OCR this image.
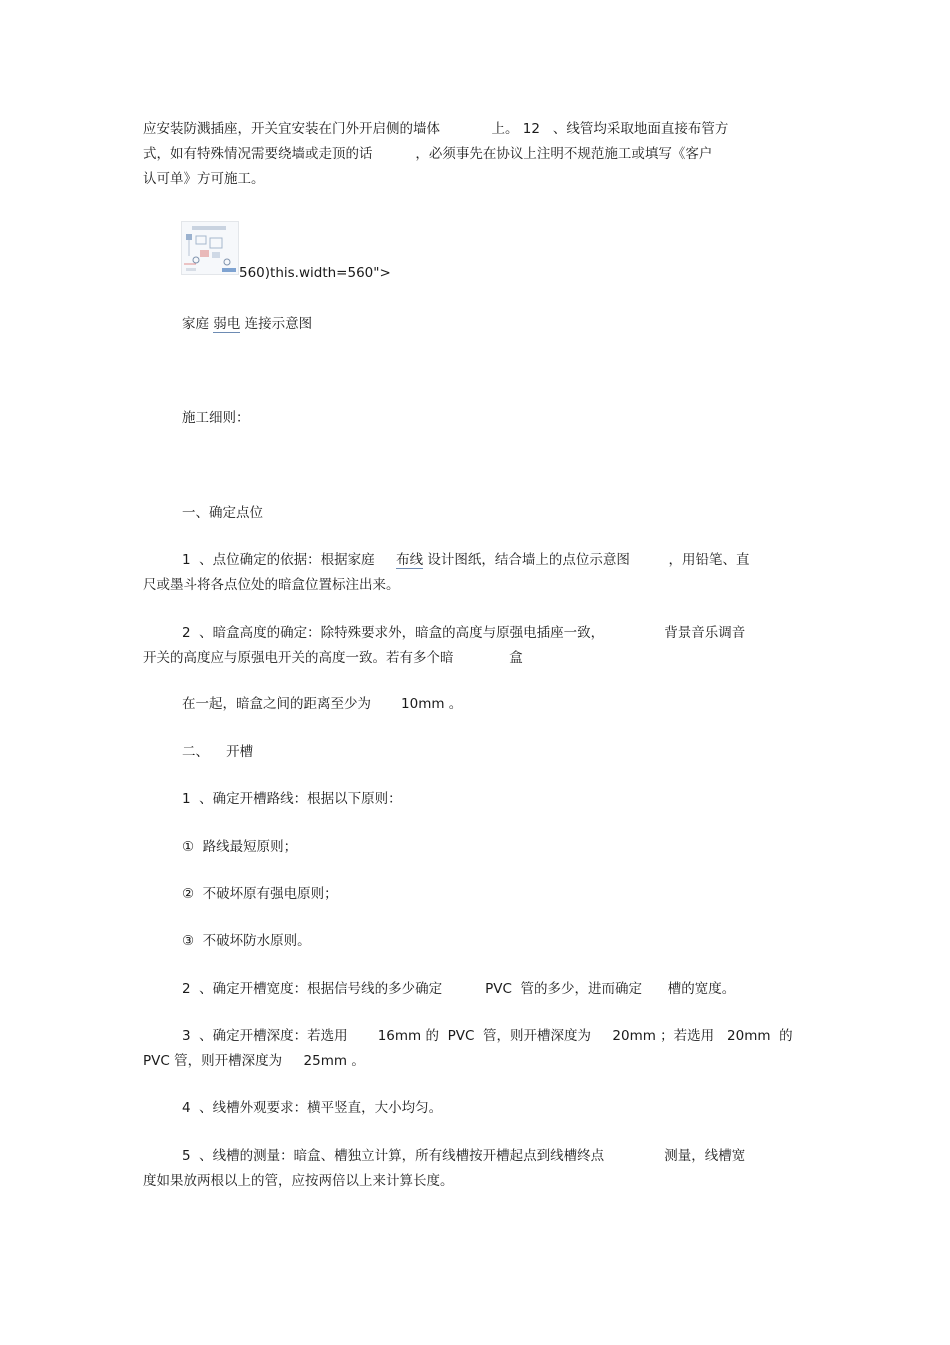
应安装防溅插座，开关宜安装在门外开启侧的墙体            上。 12   、线管均采取地面直接布管方

式，如有特殊情况需要绕墙或走顶的话          ，必须事先在协议上注明不规范施工或填写《客户

认可单》方可施工。

560)this.width=560">

家庭 弱电 连接示意图

施工细则：

一、确定点位

1  、点位确定的依据：根据家庭     布线 设计图纸，结合墙上的点位示意图         ，用铅笔、直

尺或墨斗将各点位处的暗盒位置标注出来。

2  、暗盒高度的确定：除特殊要求外，暗盒的高度与原强电插座一致，              背景音乐调音

开关的高度应与原强电开关的高度一致。若有多个暗             盒

在一起，暗盒之间的距离至少为       10mm 。

二、    开槽

1  、确定开槽路线：根据以下原则：

①  路线最短原则；

②  不破坏原有强电原则；

③  不破坏防水原则。

2  、确定开槽宽度：根据信号线的多少确定          PVC  管的多少，进而确定      槽的宽度。

3  、确定开槽深度：若选用       16mm 的  PVC  管，则开槽深度为     20mm ；若选用   20mm  的

PVC 管，则开槽深度为     25mm 。

4  、线槽外观要求：横平竖直，大小均匀。

5  、线槽的测量：暗盒、槽独立计算，所有线槽按开槽起点到线槽终点              测量，线槽宽

度如果放两根以上的管，应按两倍以上来计算长度。
